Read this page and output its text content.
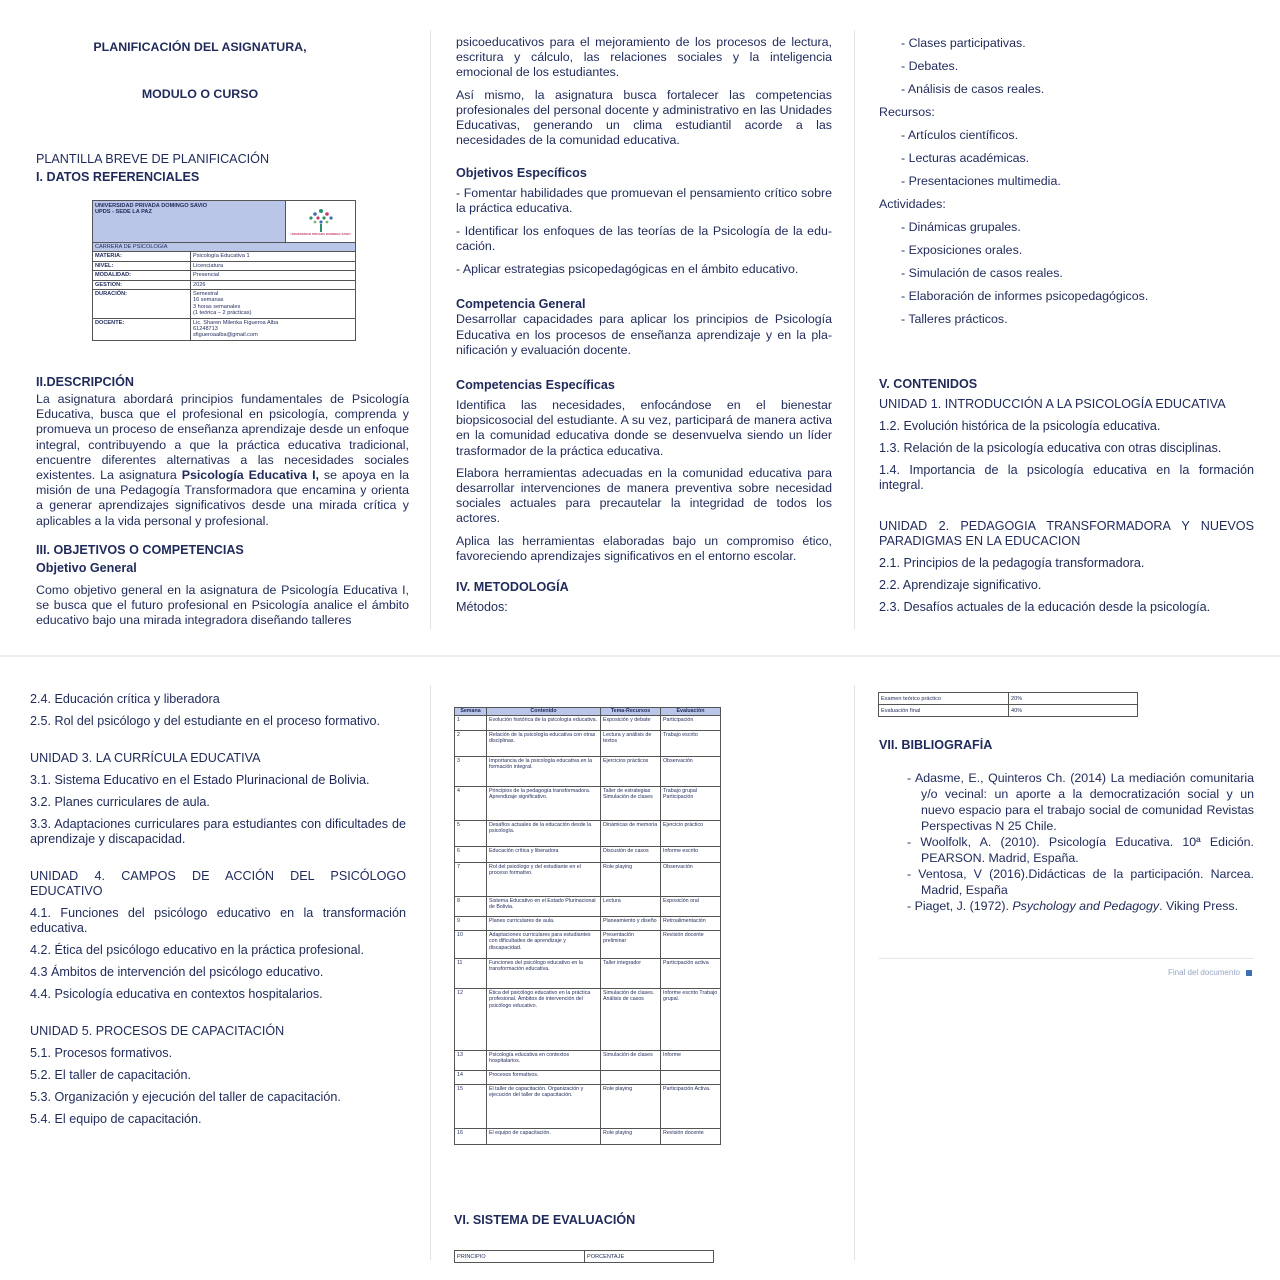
PLANIFICACIÓN DEL ASIGNATURA,
MODULO O CURSO
PLANTILLA BREVE DE PLANIFICACIÓN
I. DATOS REFERENCIALES
II.DESCRIPCIÓN

La asignatura abordará principios fundamentales de Psicología Educativa, busca que el profesional en psicología, comprenda y promueva un proceso de enseñanza aprendizaje desde un enfoque integral, contribuyendo a que la práctica educativa tradicional, encuentre diferentes alternativas a las necesidades sociales existentes. La asignatura Psicología Educativa I, se apoya en la misión de una Pedagogía Transformadora que encamina y orienta a generar aprendizajes significativos desde una mirada crítica y aplicables a la vida personal y profesional.

III. OBJETIVOS O COMPETENCIAS
Objetivo General

Como objetivo general en la asignatura de Psicología Educativa I, se busca que el futuro profesional en Psicología analice el ámbito educativo bajo una mirada integradora diseñando talleres

UNIVERSIDAD PRIVADA DOMINGO SAVIO
UPDS - SEDE LA PAZ
UNIVERSIDAD PRIVADA DOMINGO SAVIO
CARRERA DE PSICOLOGÍA
MATERIA:	Psicología Educativa 1
NIVEL:	Licenciatura
MODALIDAD:	Presencial
GESTION:	2026
DURACIÓN:	Semestral
16 semanas
3 horas semanales
(1 teórica – 2 prácticas)
DOCENTE:	Lic. Sharen Milenka Figueroa Alba
61248713
sfigueroaalba@gmail.com

psicoeducativos para el mejoramiento de los procesos de lectura, escritura y cálculo, las relaciones sociales y la inteligencia emocional de los estudiantes.

Así mismo, la asignatura busca fortalecer las competencias profesionales del personal docente y administrativo en las Unidades Educativas, generando un clima estudiantil acorde a las necesidades de la comunidad educativa.

Objetivos Específicos
- Fomentar habilidades que promuevan el pensamiento crítico sobre la práctica educativa.
- Identificar los enfoques de las teorías de la Psicología de la edu-cación.
- Aplicar estrategias psicopedagógicas en el ámbito educativo.
Competencia General

Desarrollar capacidades para aplicar los principios de Psicología Educativa en los procesos de enseñanza aprendizaje y en la pla-nificación y evaluación docente.

Competencias Específicas
Identifica las necesidades, enfocándose en el bienestar biopsicosocial del estudiante. A su vez, participará de manera activa en la comunidad educativa donde se desenvuelva siendo un líder trasformador de la práctica educativa.
Elabora herramientas adecuadas en la comunidad educativa para desarrollar intervenciones de manera preventiva sobre necesidad sociales actuales para precautelar la integridad de todos los actores.
Aplica las herramientas elaboradas bajo un compromiso ético, favoreciendo aprendizajes significativos en el entorno escolar.
IV. METODOLOGÍA
Métodos:
- Clases participativas.
- Debates.
- Análisis de casos reales.
Recursos:
- Artículos científicos.
- Lecturas académicas.
- Presentaciones multimedia.
Actividades:
- Dinámicas grupales.
- Exposiciones orales.
- Simulación de casos reales.
- Elaboración de informes psicopedagógicos.
- Talleres prácticos.
V. CONTENIDOS
UNIDAD 1. INTRODUCCIÓN A LA PSICOLOGÍA EDUCATIVA
1.2. Evolución histórica de la psicología educativa.
1.3. Relación de la psicología educativa con otras disciplinas.
1.4. Importancia de la psicología educativa en la formación integral.
UNIDAD 2. PEDAGOGIA TRANSFORMADORA Y NUEVOS PARADIGMAS EN LA EDUCACION
2.1. Principios de la pedagogía transformadora.
2.2. Aprendizaje significativo.
2.3. Desafíos actuales de la educación desde la psicología.
2.4. Educación crítica y liberadora
2.5. Rol del psicólogo y del estudiante en el proceso formativo.
UNIDAD 3. LA CURRÍCULA EDUCATIVA
3.1. Sistema Educativo en el Estado Plurinacional de Bolivia.
3.2. Planes curriculares de aula.
3.3. Adaptaciones curriculares para estudiantes con dificultades de aprendizaje y discapacidad.
UNIDAD 4. CAMPOS DE ACCIÓN DEL PSICÓLOGO EDUCATIVO
4.1. Funciones del psicólogo educativo en la transformación educativa.
4.2. Ética del psicólogo educativo en la práctica profesional.
4.3 Ámbitos de intervención del psicólogo educativo.
4.4. Psicología educativa en contextos hospitalarios.
UNIDAD 5. PROCESOS DE CAPACITACIÓN
5.1. Procesos formativos.
5.2. El taller de capacitación.
5.3. Organización y ejecución del taller de capacitación.
5.4. El equipo de capacitación.
Semana	Contenido	Tema-Recursos	Evaluación
1	Evolución histórica de la psicología educativa.	Exposición y debate	Participación
2	Relación de la psicología educativa con otras disciplinas.	Lectura y análisis de textos	Trabajo escrito
3	Importancia de la psicología educativa en la formación integral.	Ejercicios prácticos	Observación
4	Principios de la pedagogía transformadora. Aprendizaje significativo.	Taller de estrategias Simulación de clases	Trabajo grupal Participación
5	Desafíos actuales de la educación desde la psicología.	Dinámicas de memoria	Ejercicio práctico
6	Educación crítica y liberadora	Discusión de casos	Informe escrito
7	Rol del psicólogo y del estudiante en el proceso formativo.	Role playing	Observación
8	Sistema Educativo en el Estado Plurinacional de Bolivia.	Lectura	Exposición oral
9	Planes curriculares de aula.	Planeamiento y diseño	Retroalimentación
10	Adaptaciones curriculares para estudiantes con dificultades de aprendizaje y discapacidad.	Presentación preliminar	Revisión docente
11	Funciones del psicólogo educativo en la transformación educativa.	Taller integrador	Participación activa
12	Ética del psicólogo educativo en la práctica profesional. Ámbitos de intervención del psicólogo educativo.	Simulación de clases. Análisis de casos	Informe escrito Trabajo grupal.
13	Psicología educativa en contextos hospitalarios.	Simulación de clases	Informe
14	Procesos formativos.		
15	El taller de capacitación. Organización y ejecución del taller de capacitación.	Role playing	Participación Activa.
16	El equipo de capacitación.	Role playing	Revisión docente
VI. SISTEMA DE EVALUACIÓN
PRINCIPIO	PORCENTAJE
Examen teórico práctico	20%
Evaluación final	40%
VII. BIBLIOGRAFÍA

- Adasme, E., Quinteros Ch. (2014) La mediación comunitaria y/o vecinal: un aporte a la democratización social y un nuevo espacio para el trabajo social de comunidad Revistas Perspectivas N 25 Chile.

- Woolfolk, A. (2010). Psicología Educativa. 10ª Edición. PEARSON. Madrid, España.

- Ventosa, V (2016).Didácticas de la participación. Narcea. Madrid, España

- Piaget, J. (1972). Psychology and Pedagogy. Viking Press.

Final del documento
